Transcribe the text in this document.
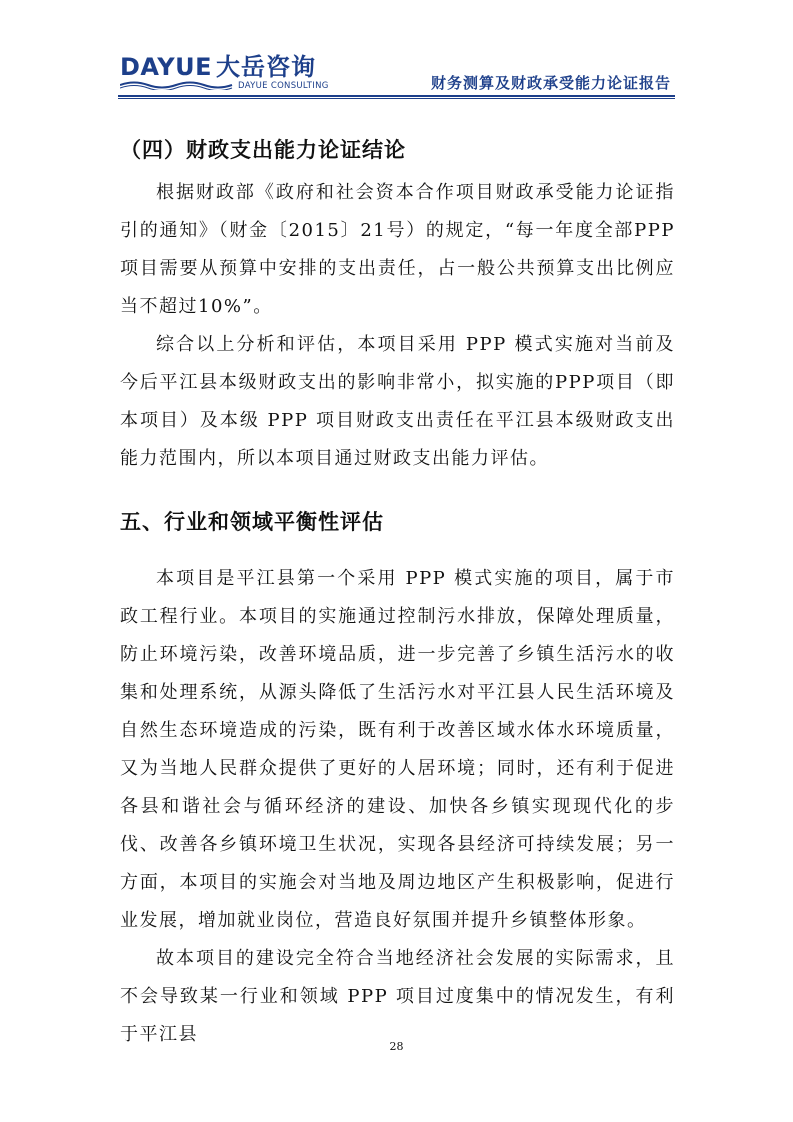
DAYUE 大岳咨询
DAYUE CONSULTING	财务测算及财政承受能力论证报告
（四）财政支出能力论证结论

根据财政部《政府和社会资本合作项目财政承受能力论证指引的通知》（财金〔2015〕21号）的规定，“每一年度全部PPP项目需要从预算中安排的支出责任，占一般公共预算支出比例应当不超过10%”。

综合以上分析和评估，本项目采用 PPP 模式实施对当前及今后平江县本级财政支出的影响非常小，拟实施的PPP项目（即本项目）及本级 PPP 项目财政支出责任在平江县本级财政支出能力范围内，所以本项目通过财政支出能力评估。

五、行业和领域平衡性评估

本项目是平江县第一个采用 PPP 模式实施的项目，属于市政工程行业。本项目的实施通过控制污水排放，保障处理质量，防止环境污染，改善环境品质，进一步完善了乡镇生活污水的收集和处理系统，从源头降低了生活污水对平江县人民生活环境及自然生态环境造成的污染，既有利于改善区域水体水环境质量，又为当地人民群众提供了更好的人居环境；同时，还有利于促进各县和谐社会与循环经济的建设、加快各乡镇实现现代化的步伐、改善各乡镇环境卫生状况，实现各县经济可持续发展；另一方面，本项目的实施会对当地及周边地区产生积极影响，促进行业发展，增加就业岗位，营造良好氛围并提升乡镇整体形象。

故本项目的建设完全符合当地经济社会发展的实际需求，且不会导致某一行业和领域 PPP 项目过度集中的情况发生，有利于平江县

28
